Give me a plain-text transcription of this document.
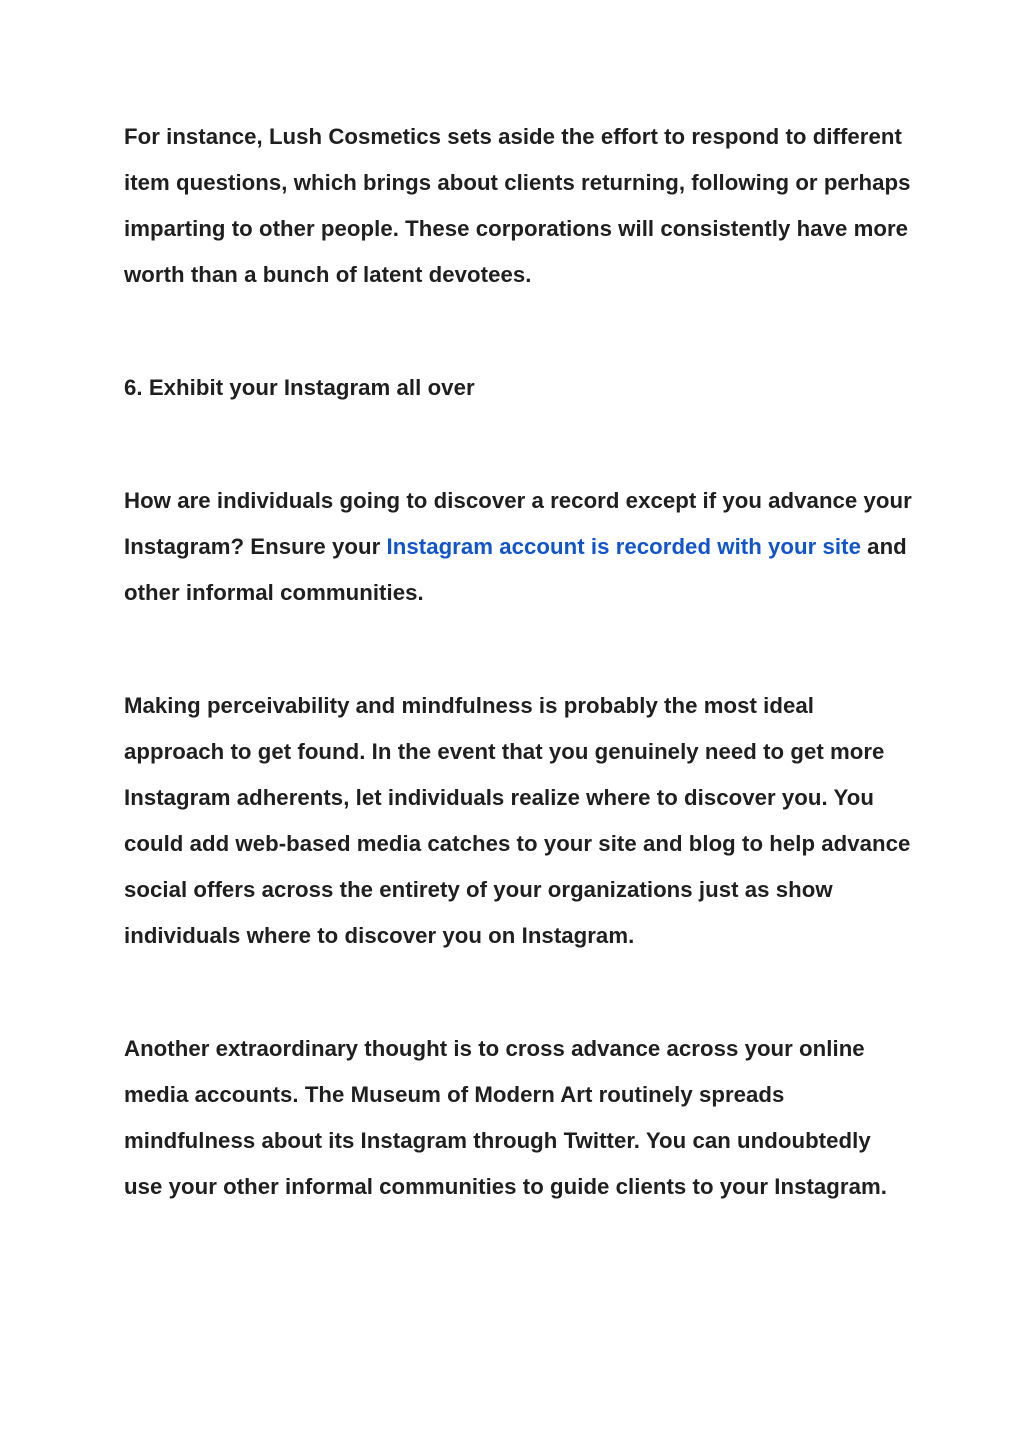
For instance, Lush Cosmetics sets aside the effort to respond to different item questions, which brings about clients returning, following or perhaps imparting to other people. These corporations will consistently have more worth than a bunch of latent devotees.

6. Exhibit your Instagram all over

How are individuals going to discover a record except if you advance your Instagram? Ensure your Instagram account is recorded with your site and other informal communities.

Making perceivability and mindfulness is probably the most ideal approach to get found. In the event that you genuinely need to get more Instagram adherents, let individuals realize where to discover you. You could add web-based media catches to your site and blog to help advance social offers across the entirety of your organizations just as show individuals where to discover you on Instagram.

Another extraordinary thought is to cross advance across your online media accounts. The Museum of Modern Art routinely spreads mindfulness about its Instagram through Twitter. You can undoubtedly use your other informal communities to guide clients to your Instagram.
